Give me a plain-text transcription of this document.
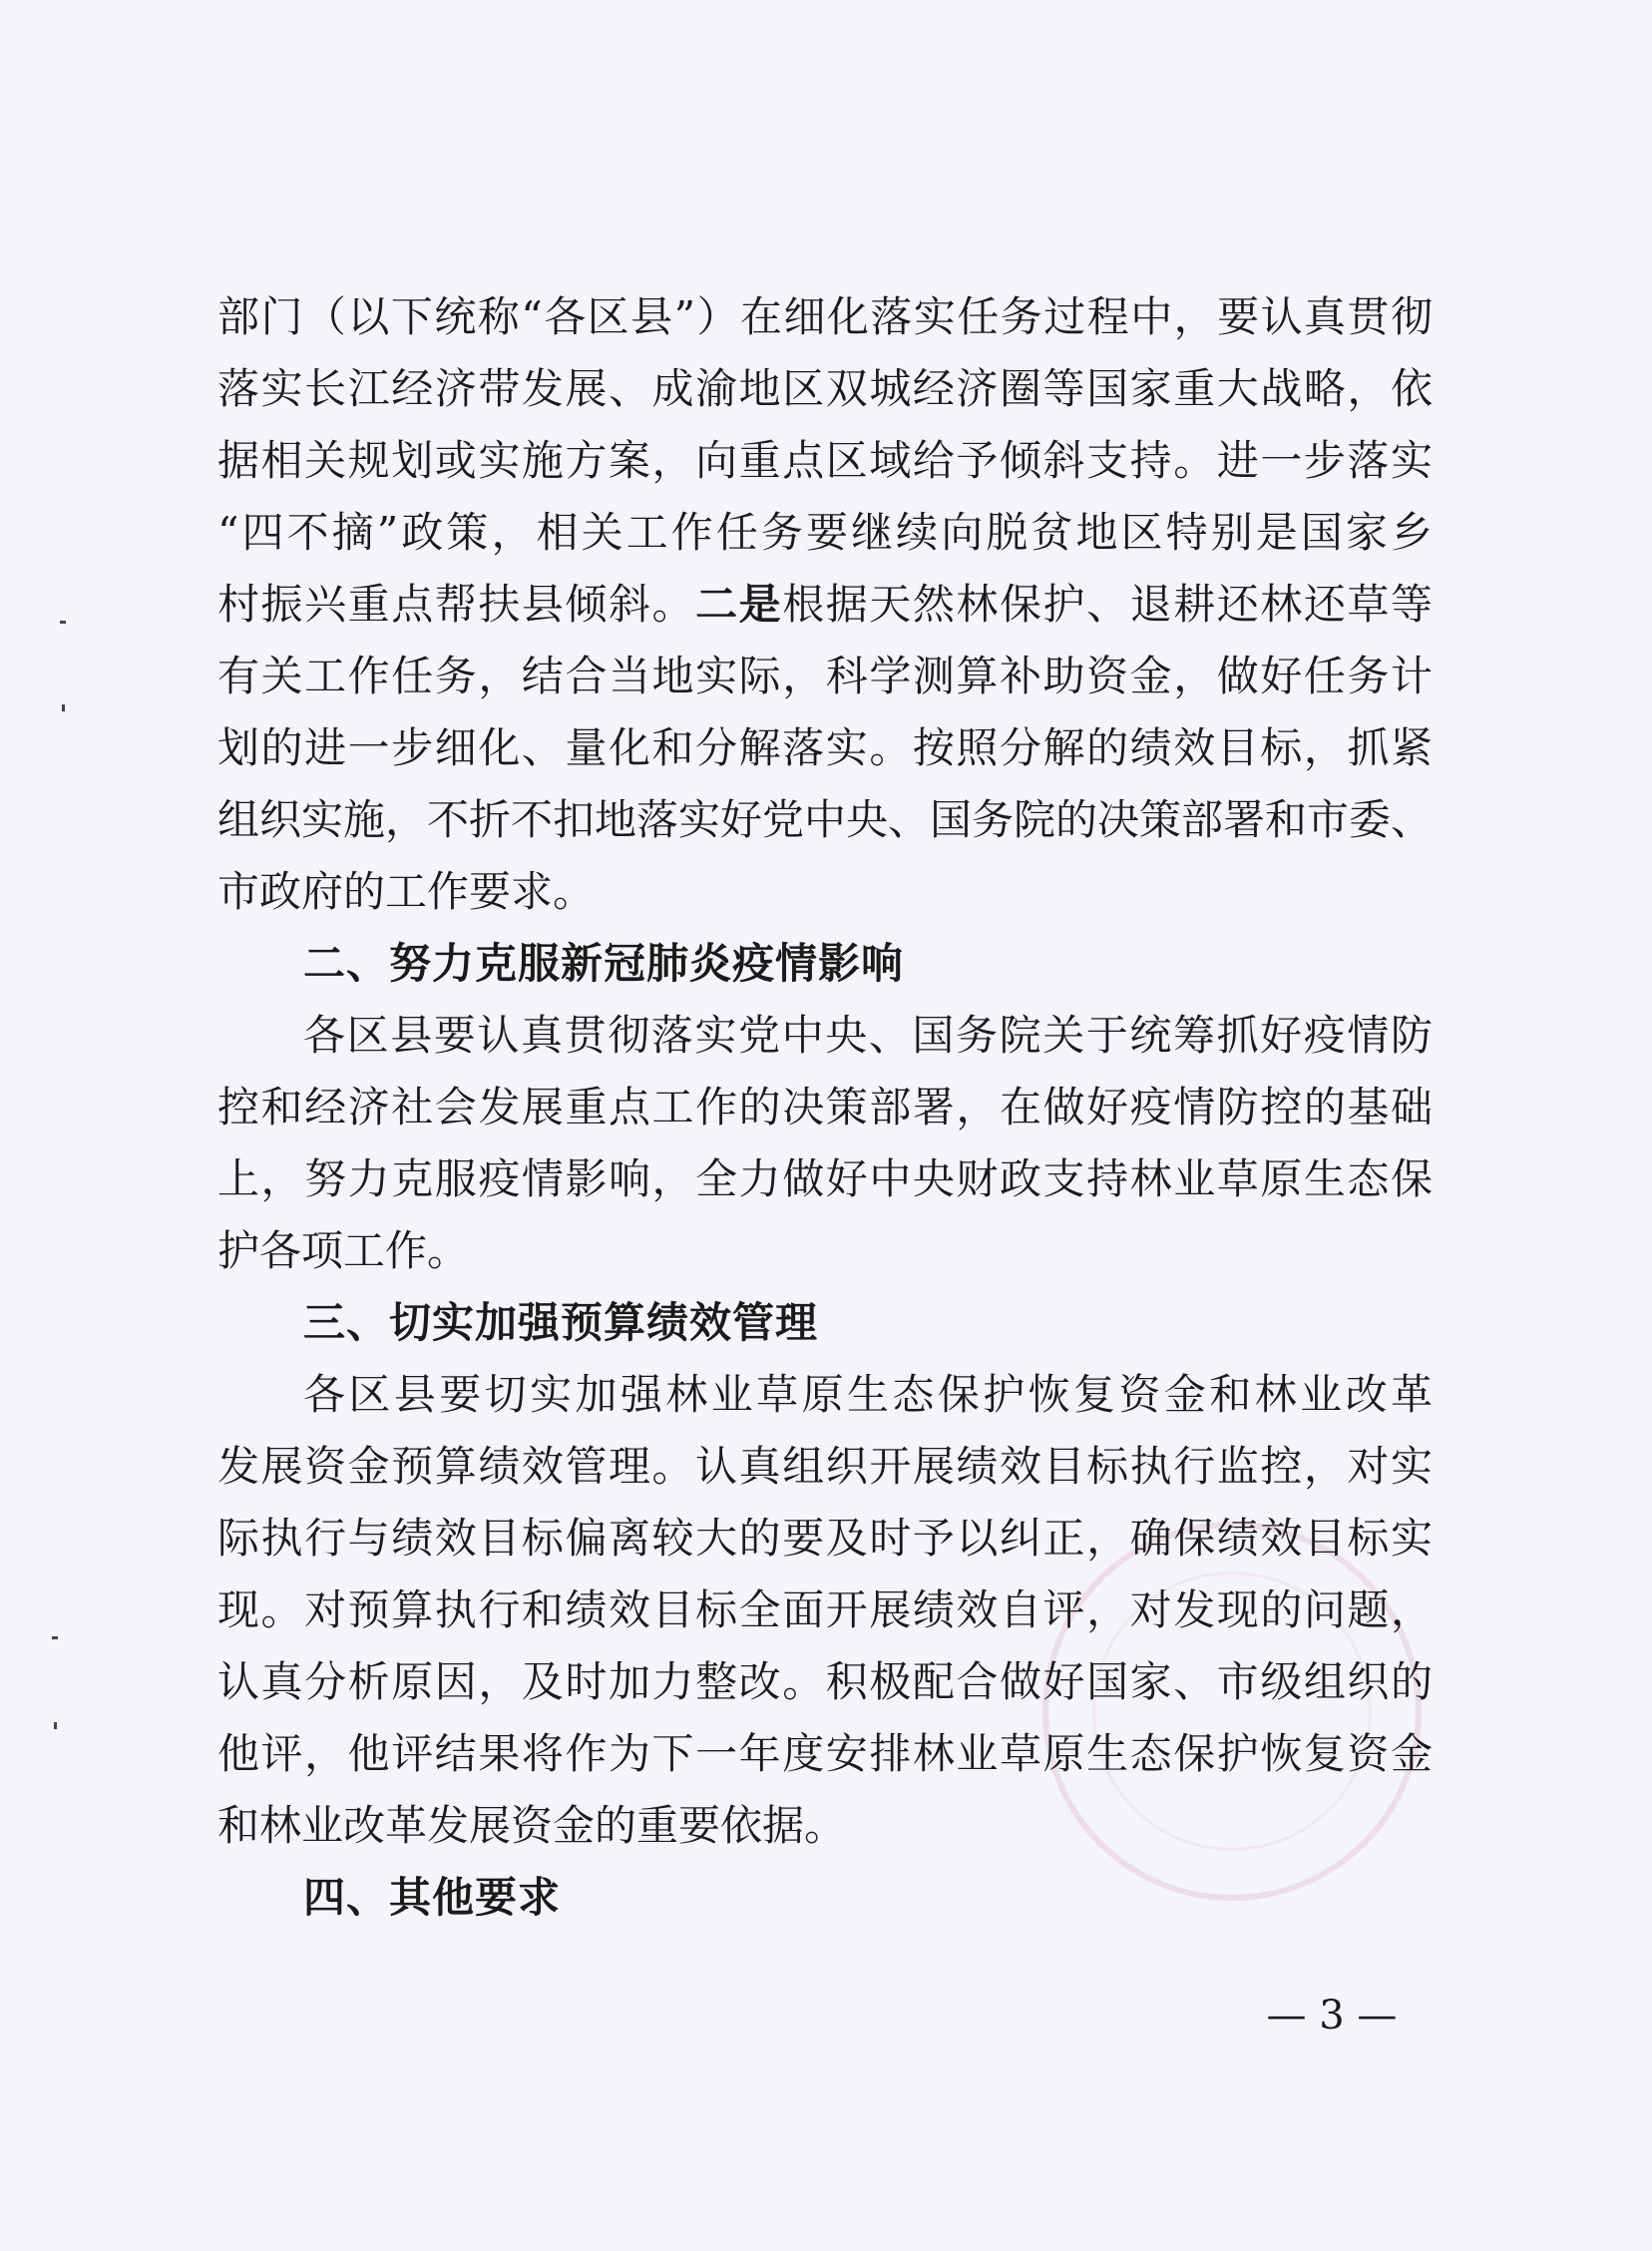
部门（以下统称“各区县”）在细化落实任务过程中，要认真贯彻
落实长江经济带发展、成渝地区双城经济圈等国家重大战略，依
据相关规划或实施方案，向重点区域给予倾斜支持。进一步落实
“四不摘”政策，相关工作任务要继续向脱贫地区特别是国家乡
村振兴重点帮扶县倾斜。二是根据天然林保护、退耕还林还草等
有关工作任务，结合当地实际，科学测算补助资金，做好任务计
划的进一步细化、量化和分解落实。按照分解的绩效目标，抓紧
组织实施，不折不扣地落实好党中央、国务院的决策部署和市委、
市政府的工作要求。
二、努力克服新冠肺炎疫情影响
各区县要认真贯彻落实党中央、国务院关于统筹抓好疫情防
控和经济社会发展重点工作的决策部署，在做好疫情防控的基础
上，努力克服疫情影响，全力做好中央财政支持林业草原生态保
护各项工作。
三、切实加强预算绩效管理
各区县要切实加强林业草原生态保护恢复资金和林业改革
发展资金预算绩效管理。认真组织开展绩效目标执行监控，对实
际执行与绩效目标偏离较大的要及时予以纠正，确保绩效目标实
现。对预算执行和绩效目标全面开展绩效自评，对发现的问题，
认真分析原因，及时加力整改。积极配合做好国家、市级组织的
他评，他评结果将作为下一年度安排林业草原生态保护恢复资金
和林业改革发展资金的重要依据。
四、其他要求
— 3 —
